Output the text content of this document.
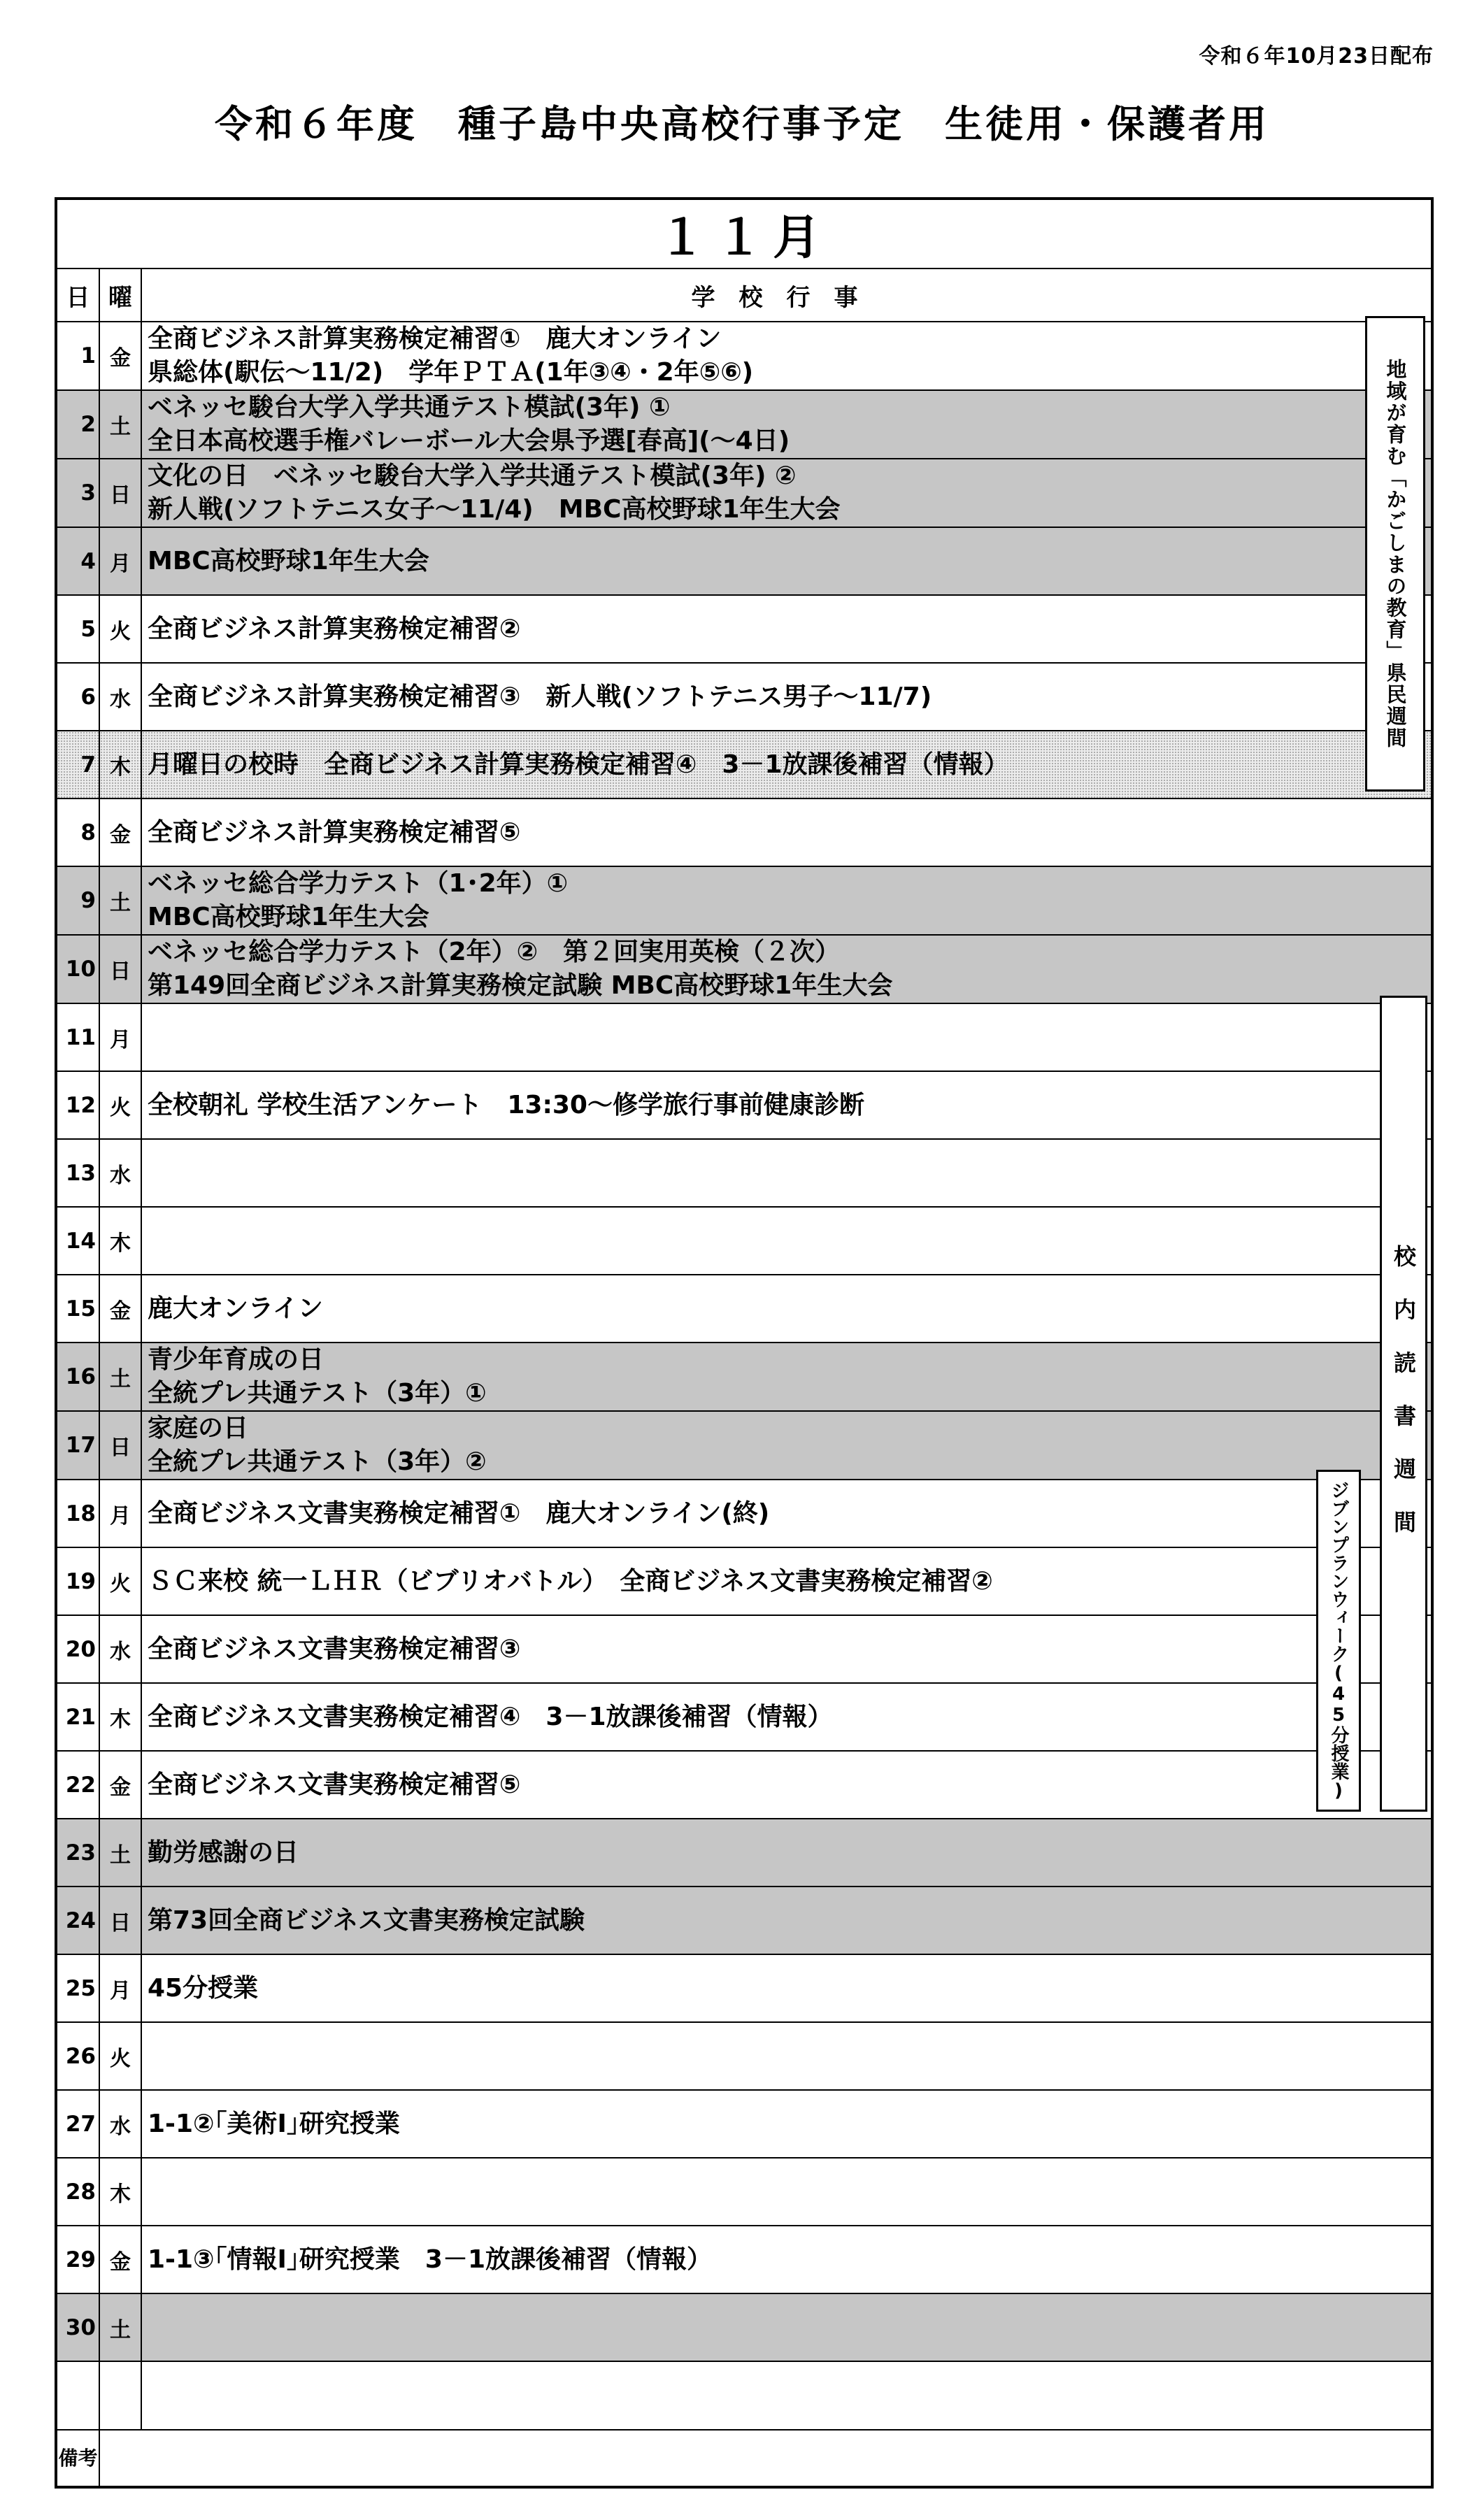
令和６年10月23日配布
令和６年度　種子島中央高校行事予定　生徒用・保護者用
１１月		
日	曜	学校行事
1	金	全商ビジネス計算実務検定補習①　鹿大オンライン
県総体(駅伝～11/2)　学年ＰＴＡ(1年③④・2年⑤⑥)

2	土	ベネッセ駿台大学入学共通テスト模試(3年) ①
全日本高校選手権バレーボール大会県予選[春高](～4日)

3	日	文化の日　ベネッセ駿台大学入学共通テスト模試(3年) ②
新人戦(ソフトテニス女子～11/4)　MBC高校野球1年生大会

4	月	MBC高校野球1年生大会

5	火	全商ビジネス計算実務検定補習②

6	水	全商ビジネス計算実務検定補習③　新人戦(ソフトテニス男子～11/7)

7	木	月曜日の校時　全商ビジネス計算実務検定補習④　3－1放課後補習（情報）

8	金	全商ビジネス計算実務検定補習⑤

9	土	ベネッセ総合学力テスト（1･2年）①
MBC高校野球1年生大会

10	日	ベネッセ総合学力テスト（2年）②　第２回実用英検（２次）
第149回全商ビジネス計算実務検定試験 MBC高校野球1年生大会

11	月	
12	火	全校朝礼 学校生活アンケート　13:30～修学旅行事前健康診断

13	水	
14	木	
15	金	鹿大オンライン

16	土	青少年育成の日
全統プレ共通テスト（3年）①

17	日	家庭の日
全統プレ共通テスト（3年）②

18	月	全商ビジネス文書実務検定補習①　鹿大オンライン(終)

19	火	ＳＣ来校 統一ＬＨＲ（ビブリオバトル）　全商ビジネス文書実務検定補習②

20	水	全商ビジネス文書実務検定補習③

21	木	全商ビジネス文書実務検定補習④　3－1放課後補習（情報）

22	金	全商ビジネス文書実務検定補習⑤

23	土	勤労感謝の日

24	日	第73回全商ビジネス文書実務検定試験

25	月	45分授業

26	火	
27	水	1-1②｢美術Ⅰ｣研究授業

28	木	
29	金	1-1③｢情報Ⅰ｣研究授業　3－1放課後補習（情報）

30	土	

備考		
地域が育む「かごしまの教育」県民週間
校内読書週間
ジブンプランウィーク(45分授業)
